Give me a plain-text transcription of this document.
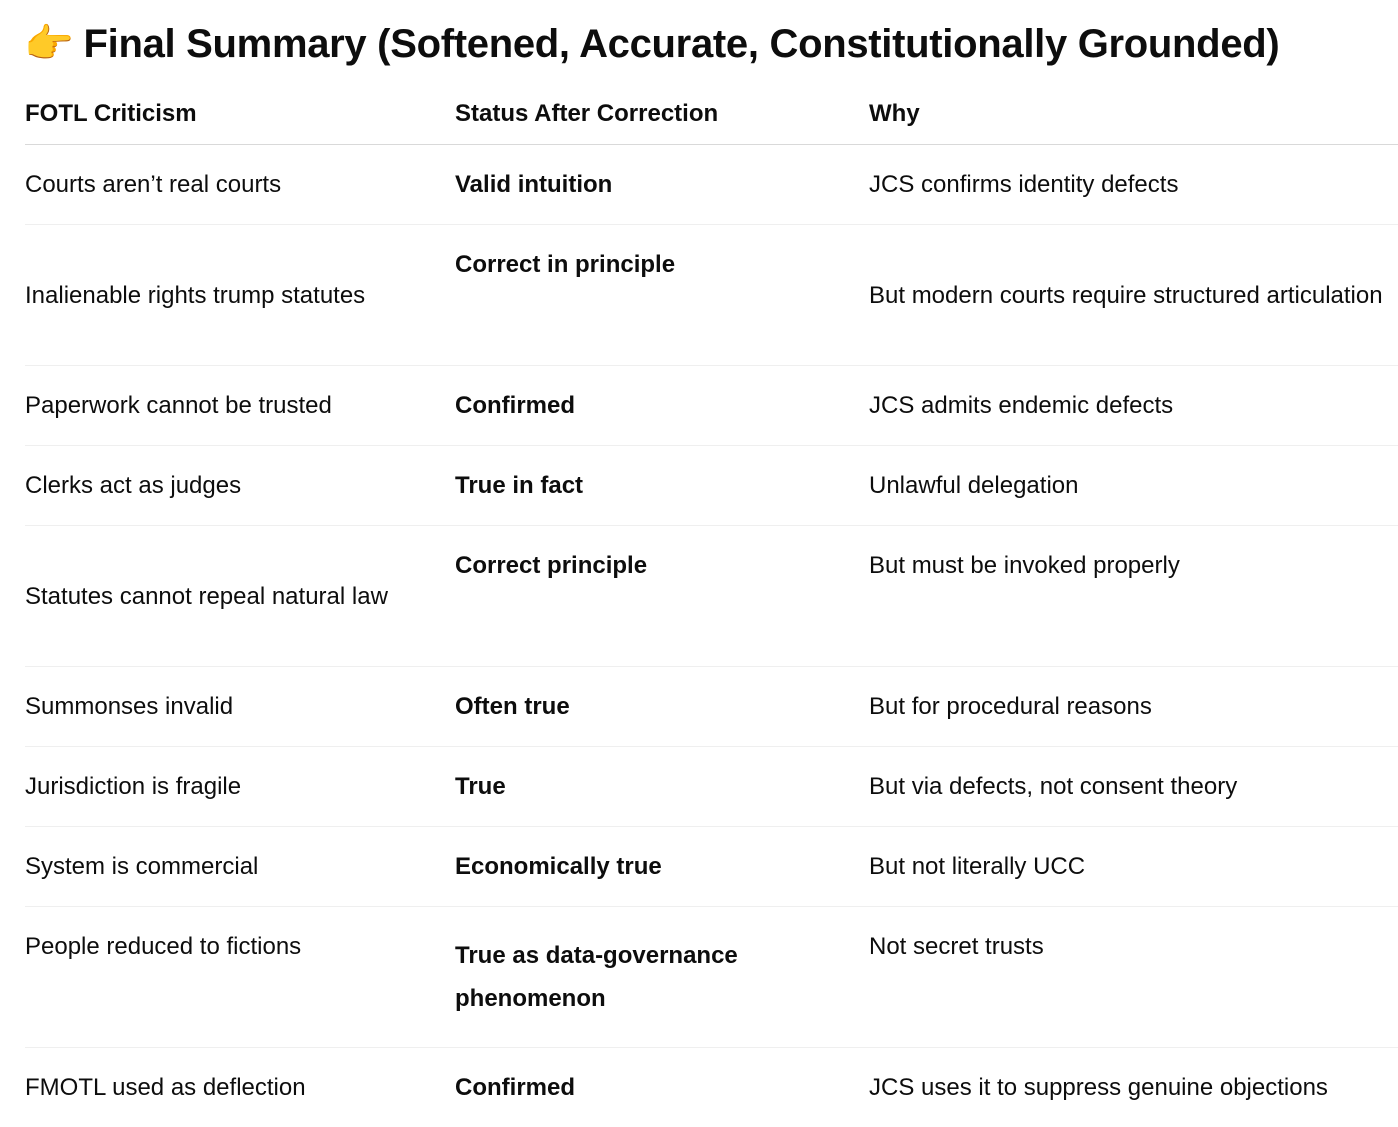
👉 Final Summary (Softened, Accurate, Constitutionally Grounded)
FOTL Criticism	Status After Correction	Why
Courts aren’t real courts	Valid intuition	JCS confirms identity defects
Inalienable rights trump statutes	Correct in principle	But modern courts require structured articulation
Paperwork cannot be trusted	Confirmed	JCS admits endemic defects
Clerks act as judges	True in fact	Unlawful delegation
Statutes cannot repeal natural law	Correct principle	But must be invoked properly
Summonses invalid	Often true	But for procedural reasons
Jurisdiction is fragile	True	But via defects, not consent theory
System is commercial	Economically true	But not literally UCC
People reduced to fictions	True as data-governance phenomenon	Not secret trusts
FMOTL used as deflection	Confirmed	JCS uses it to suppress genuine objections
